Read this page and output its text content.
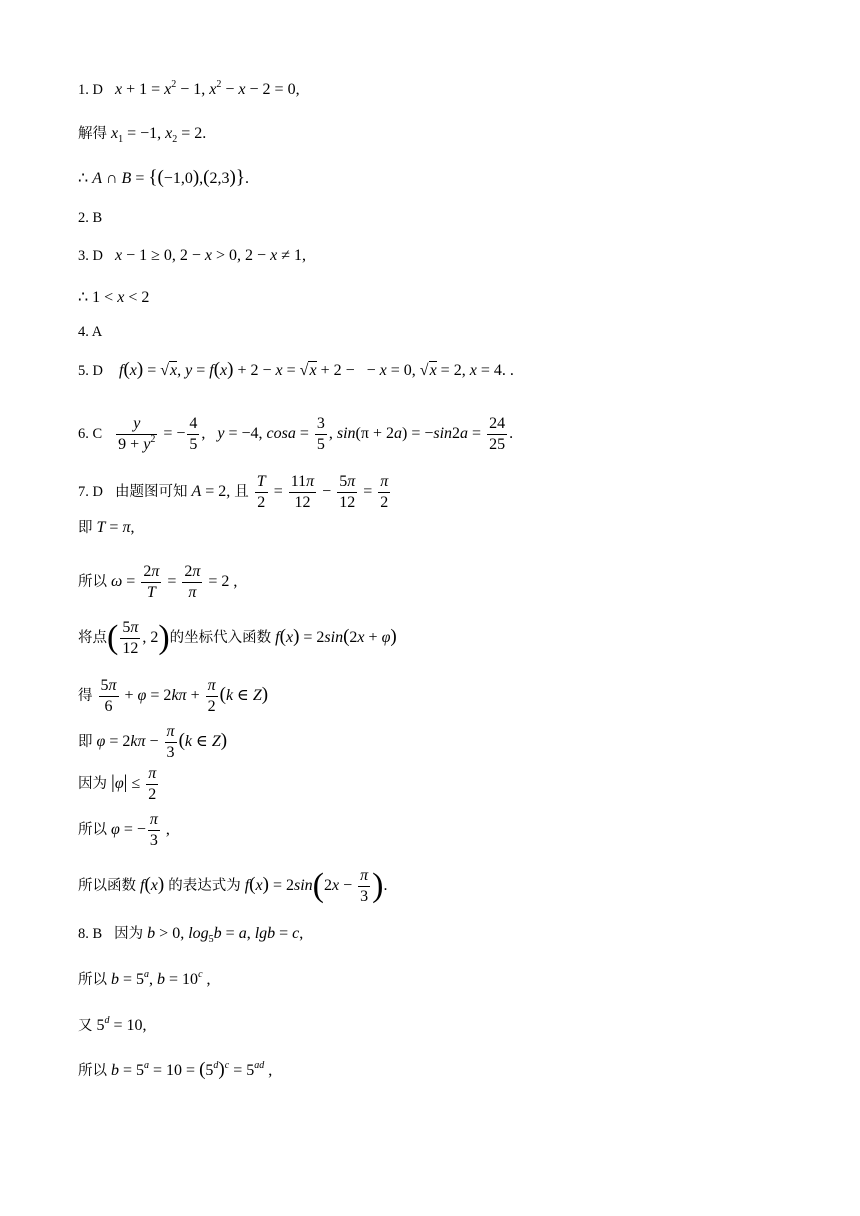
1. D $x + 1 = x^2 - 1$, $x^2 - x - 2 = 0$,
解得 $x_1 = -1$, $x_2 = 2$.
∴ A ∩ B = {(−1,0),(2,3)}.
2. B
3. D x − 1 ≥ 0, 2 − x > 0, 2 − x ≠ 1,
∴ 1 < x < 2
4. A
5. D f(x) = √x, y = f(x) + 2 − x = √x + 2 −   − x = 0, √x = 2, x = 4. .
6. C $\frac{y}{9 + y^2}$ = − $\frac{4}{5}$ ,   y = −4, $\cos a = \frac{3}{5}$ , $\sin(\pi + 2a) = -\sin 2a = \frac{24}{25}$ .
7. D 由题图可知 A = 2, 且 $\frac{T}{2} = \frac{11\pi}{12} - \frac{5\pi}{12} = \frac{\pi}{2}$
即 T = π,
所以 $\omega = \frac{2\pi}{T} = \frac{2\pi}{\pi} = 2$ ,
将点( $\frac{5\pi}{12}$ , 2)的坐标代入函数 f(x) = 2sin(2x + φ)
得 $\frac{5\pi}{6} + \varphi = 2k\pi + \frac{\pi}{2} (k$ ∈ Z)
即 $\varphi = 2k\pi - \frac{\pi}{3} (k$ ∈ Z)
因为 $|\varphi| \le \frac{\pi}{2}$
所以 φ = − $\frac{\pi}{3}$ ,
所以函数 f(x) 的表达式为 $f(x) = 2\sin(2x - \frac{\pi}{3}$ ).
8. B 因为 b > 0, $\log_5b = a$, lgb = c,
所以 $b = 5^a$, $b = 10^c$ ,
又 $5^d = 10$,
所以 $b = 5^a = 10 = (5^d)^c = 5^{ad}$ ,
